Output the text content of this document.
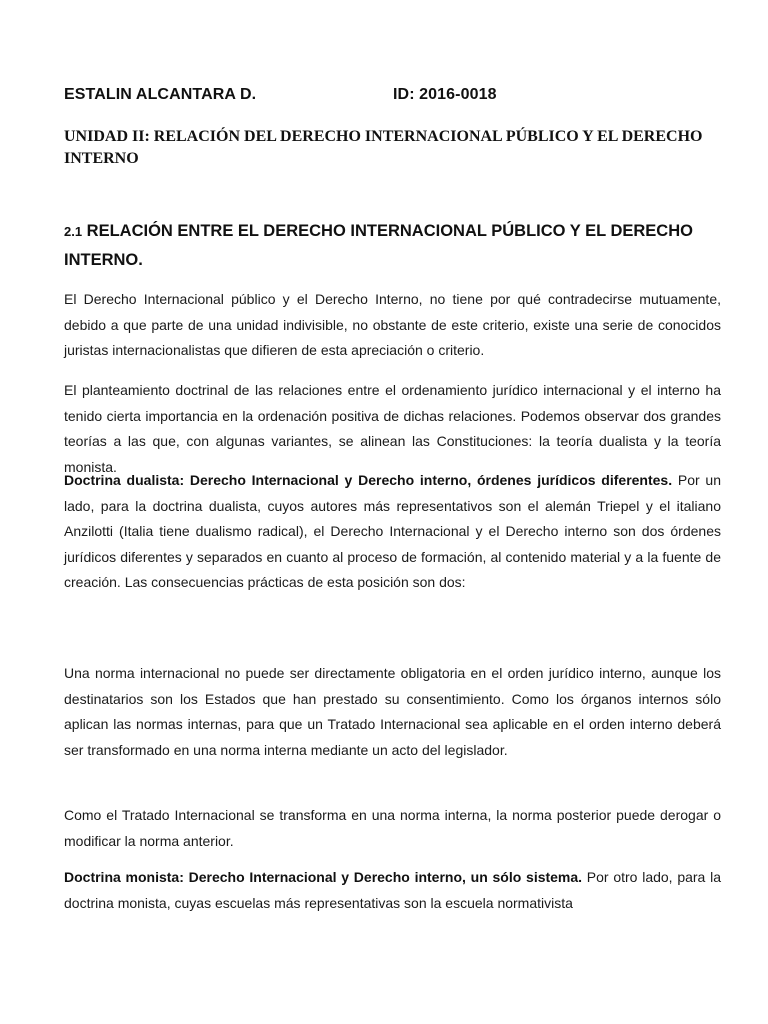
ESTALIN ALCANTARA D.	ID: 2016-0018
UNIDAD II: RELACIÓN DEL DERECHO INTERNACIONAL PÚBLICO Y EL DERECHO INTERNO
2.1 RELACIÓN ENTRE EL DERECHO INTERNACIONAL PÚBLICO Y EL DERECHO INTERNO.

El Derecho Internacional público y el Derecho Interno, no tiene por qué contradecirse mutuamente, debido a que parte de una unidad indivisible, no obstante de este criterio, existe una serie de conocidos juristas internacionalistas que difieren de esta apreciación o criterio.

El planteamiento doctrinal de las relaciones entre el ordenamiento jurídico internacional y el interno ha tenido cierta importancia en la ordenación positiva de dichas relaciones. Podemos observar dos grandes teorías a las que, con algunas variantes, se alinean las Constituciones: la teoría dualista y la teoría monista.

Doctrina dualista: Derecho Internacional y Derecho interno, órdenes jurídicos diferentes. Por un lado, para la doctrina dualista, cuyos autores más representativos son el alemán Triepel y el italiano Anzilotti (Italia tiene dualismo radical), el Derecho Internacional y el Derecho interno son dos órdenes jurídicos diferentes y separados en cuanto al proceso de formación, al contenido material y a la fuente de creación. Las consecuencias prácticas de esta posición son dos:

Una norma internacional no puede ser directamente obligatoria en el orden jurídico interno, aunque los destinatarios son los Estados que han prestado su consentimiento. Como los órganos internos sólo aplican las normas internas, para que un Tratado Internacional sea aplicable en el orden interno deberá ser transformado en una norma interna mediante un acto del legislador.

Como el Tratado Internacional se transforma en una norma interna, la norma posterior puede derogar o modificar la norma anterior.

Doctrina monista: Derecho Internacional y Derecho interno, un sólo sistema. Por otro lado, para la doctrina monista, cuyas escuelas más representativas son la escuela normativista
